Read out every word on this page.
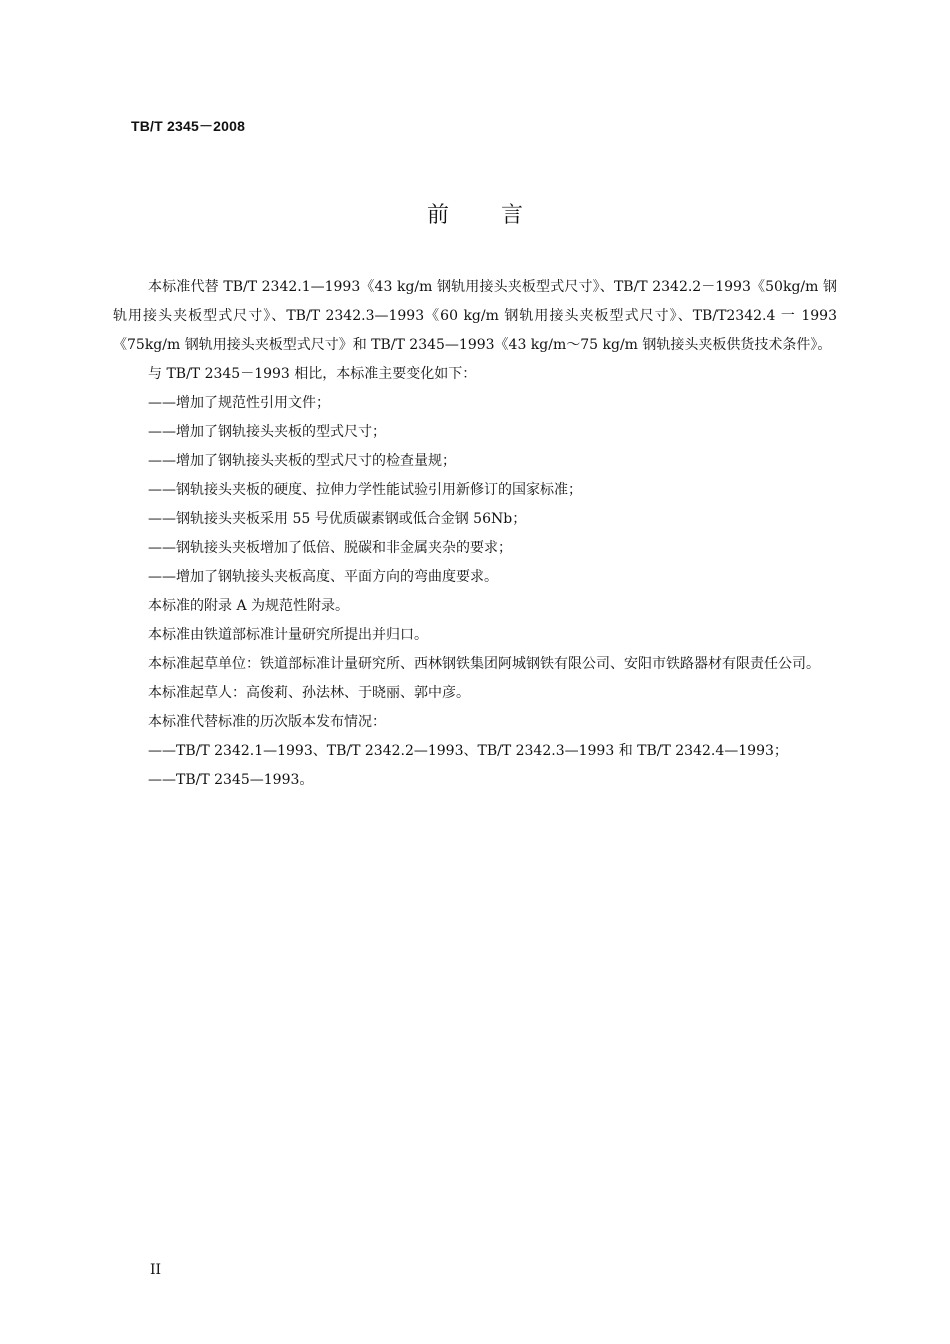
TB/T 2345－2008
前言

本标准代替 TB/T 2342.1—1993《43 kg/m 钢轨用接头夹板型式尺寸》、TB/T 2342.2－1993《50kg/m 钢轨用接头夹板型式尺寸》、TB/T 2342.3—1993《60 kg/m 钢轨用接头夹板型式尺寸》、TB/T2342.4 一 1993《75kg/m 钢轨用接头夹板型式尺寸》和 TB/T 2345—1993《43 kg/m～75 kg/m 钢轨接头夹板供货技术条件》。

与 TB/T 2345－1993 相比，本标准主要变化如下：

——增加了规范性引用文件；

——增加了钢轨接头夹板的型式尺寸；

——增加了钢轨接头夹板的型式尺寸的检查量规；

——钢轨接头夹板的硬度、拉伸力学性能试验引用新修订的国家标准；

——钢轨接头夹板采用 55 号优质碳素钢或低合金钢 56Nb；

——钢轨接头夹板增加了低倍、脱碳和非金属夹杂的要求；

——增加了钢轨接头夹板高度、平面方向的弯曲度要求。

本标准的附录 A 为规范性附录。

本标准由铁道部标准计量研究所提出并归口。

本标准起草单位：铁道部标准计量研究所、西林钢铁集团阿城钢铁有限公司、安阳市铁路器材有限责任公司。

本标准起草人：高俊莉、孙法林、于晓丽、郭中彦。

本标准代替标准的历次版本发布情况：

——TB/T 2342.1—1993、TB/T 2342.2—1993、TB/T 2342.3—1993 和 TB/T 2342.4—1993；

——TB/T 2345—1993。

II
